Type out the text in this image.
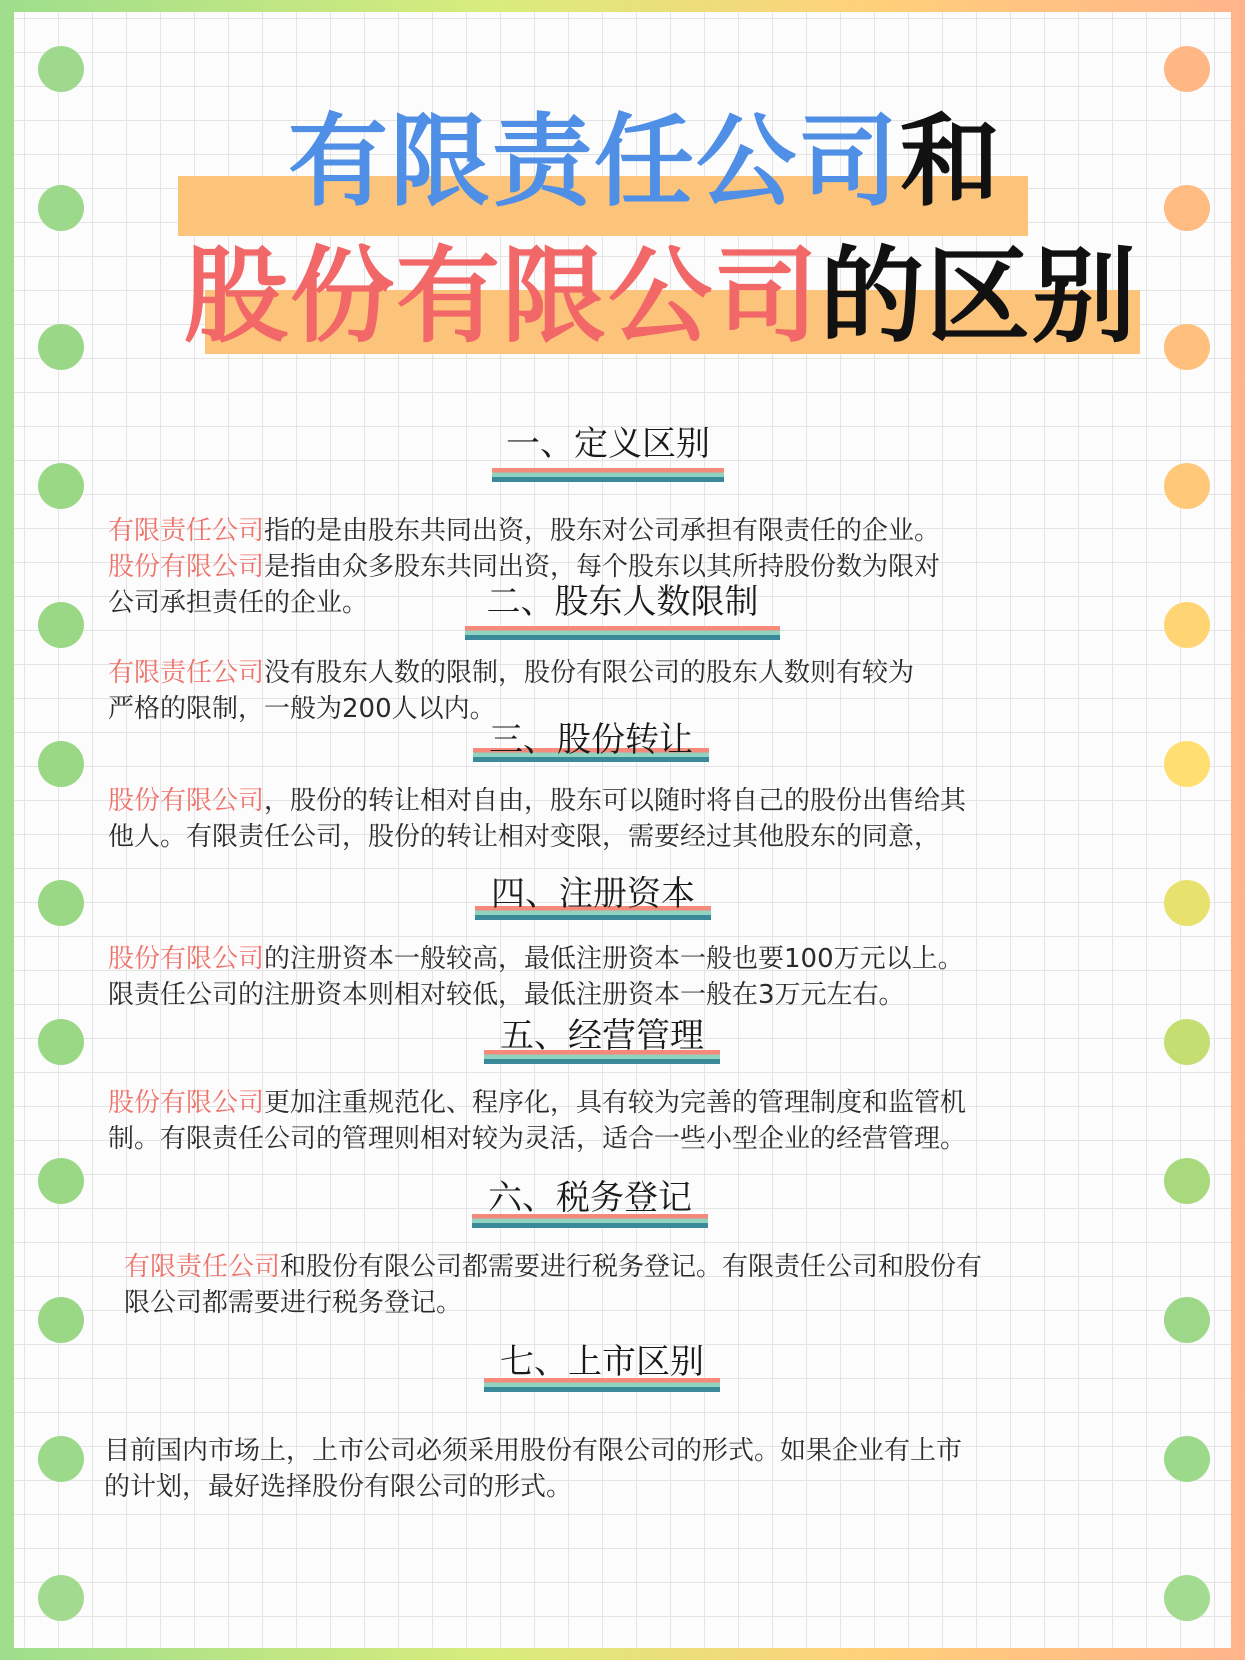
有限责任公司和
股份有限公司的区别
一、定义区别
有限责任公司指的是由股东共同出资，股东对公司承担有限责任的企业。
股份有限公司是指由众多股东共同出资，每个股东以其所持股份数为限对
公司承担责任的企业。	二、股东人数限制
有限责任公司没有股东人数的限制，股份有限公司的股东人数则有较为
严格的限制，一般为200人以内。
三、股份转让
股份有限公司，股份的转让相对自由，股东可以随时将自己的股份出售给其
他人。有限责任公司，股份的转让相对变限，需要经过其他股东的同意，
四、注册资本
股份有限公司的注册资本一般较高，最低注册资本一般也要100万元以上。
限责任公司的注册资本则相对较低，最低注册资本一般在3万元左右。
五、经营管理
股份有限公司更加注重规范化、程序化，具有较为完善的管理制度和监管机
制。有限责任公司的管理则相对较为灵活，适合一些小型企业的经营管理。
六、税务登记
有限责任公司和股份有限公司都需要进行税务登记。有限责任公司和股份有
限公司都需要进行税务登记。
七、上市区别
目前国内市场上，上市公司必须采用股份有限公司的形式。如果企业有上市
的计划，最好选择股份有限公司的形式。
